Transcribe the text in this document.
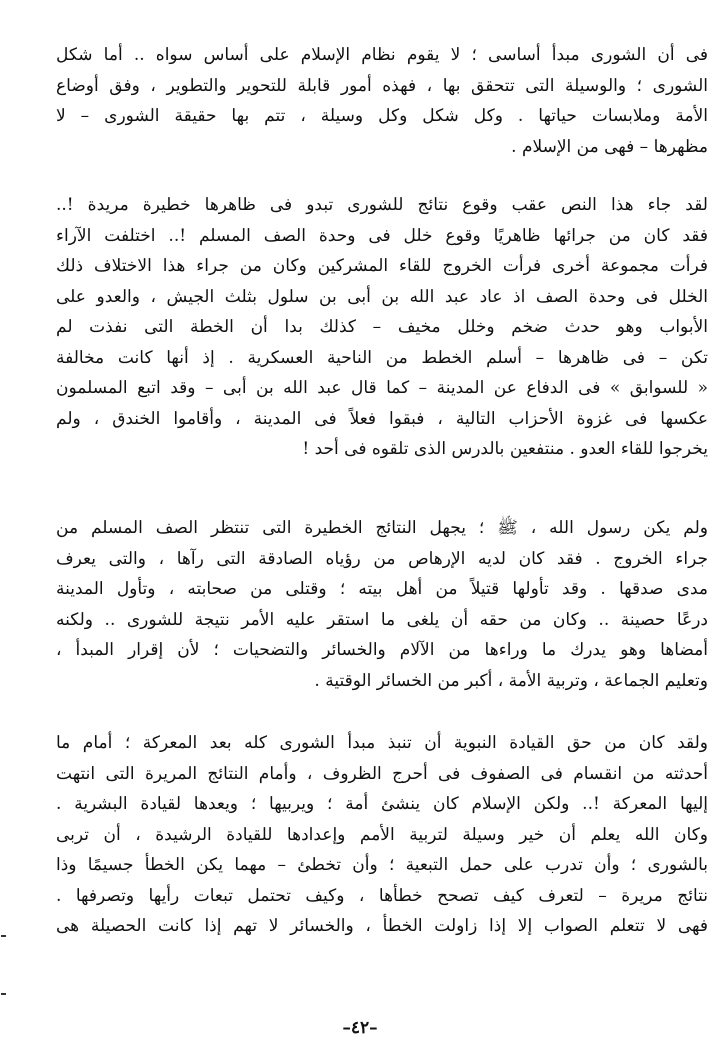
فى أن الشورى مبدأ أساسى ؛ لا يقوم نظام الإسلام على أساس سواه .. أما شكل
الشورى ؛ والوسيلة التى تتحقق بها ، فهذه أمور قابلة للتحوير والتطوير ، وفق أوضاع
الأمة وملابسات حياتها . وكل شكل وكل وسيلة ، تتم بها حقيقة الشورى – لا
مظهرها – فهى من الإسلام .
لقد جاء هذا النص عقب وقوع نتائج للشورى تبدو فى ظاهرها خطيرة مريدة !..
فقد كان من جرائها ظاهريًا وقوع خلل فى وحدة الصف المسلم !.. اختلفت الآراء
فرأت مجموعة أخرى فرأت الخروج للقاء المشركين وكان من جراء هذا الاختلاف ذلك
الخلل فى وحدة الصف اذ عاد عبد الله بن أبى بن سلول بثلث الجيش ، والعدو على
الأبواب وهو حدث ضخم وخلل مخيف – كذلك بدا أن الخطة التى نفذت لم
تكن – فى ظاهرها – أسلم الخطط من الناحية العسكرية . إذ أنها كانت مخالفة
« للسوابق » فى الدفاع عن المدينة – كما قال عبد الله بن أبى – وقد اتبع المسلمون
عكسها فى غزوة الأحزاب التالية ، فبقوا فعلاً فى المدينة ، وأقاموا الخندق ، ولم
يخرجوا للقاء العدو . منتفعين بالدرس الذى تلقوه فى أحد !
ولم يكن رسول الله ، ﷺ ؛ يجهل النتائج الخطيرة التى تنتظر الصف المسلم من
جراء الخروج . فقد كان لديه الإرهاص من رؤياه الصادقة التى رآها ، والتى يعرف
مدى صدقها . وقد تأولها قتيلاً من أهل بيته ؛ وقتلى من صحابته ، وتأول المدينة
درعًا حصينة .. وكان من حقه أن يلغى ما استقر عليه الأمر نتيجة للشورى .. ولكنه
أمضاها وهو يدرك ما وراءها من الآلام والخسائر والتضحيات ؛ لأن إقرار المبدأ ،
وتعليم الجماعة ، وتربية الأمة ، أكبر من الخسائر الوقتية .
ولقد كان من حق القيادة النبوية أن تنبذ مبدأ الشورى كله بعد المعركة ؛ أمام ما
أحدثته من انقسام فى الصفوف فى أحرج الظروف ، وأمام النتائج المريرة التى انتهت
إليها المعركة !.. ولكن الإسلام كان ينشئ أمة ؛ ويربيها ؛ ويعدها لقيادة البشرية .
وكان الله يعلم أن خير وسيلة لتربية الأمم وإعدادها للقيادة الرشيدة ، أن تربى
بالشورى ؛ وأن تدرب على حمل التبعية ؛ وأن تخطئ – مهما يكن الخطأ جسيمًا وذا
نتائج مريرة – لتعرف كيف تصحح خطأها ، وكيف تحتمل تبعات رأيها وتصرفها .
فهى لا تتعلم الصواب إلا إذا زاولت الخطأ ، والخسائر لا تهم إذا كانت الحصيلة هى
–٤٢–
